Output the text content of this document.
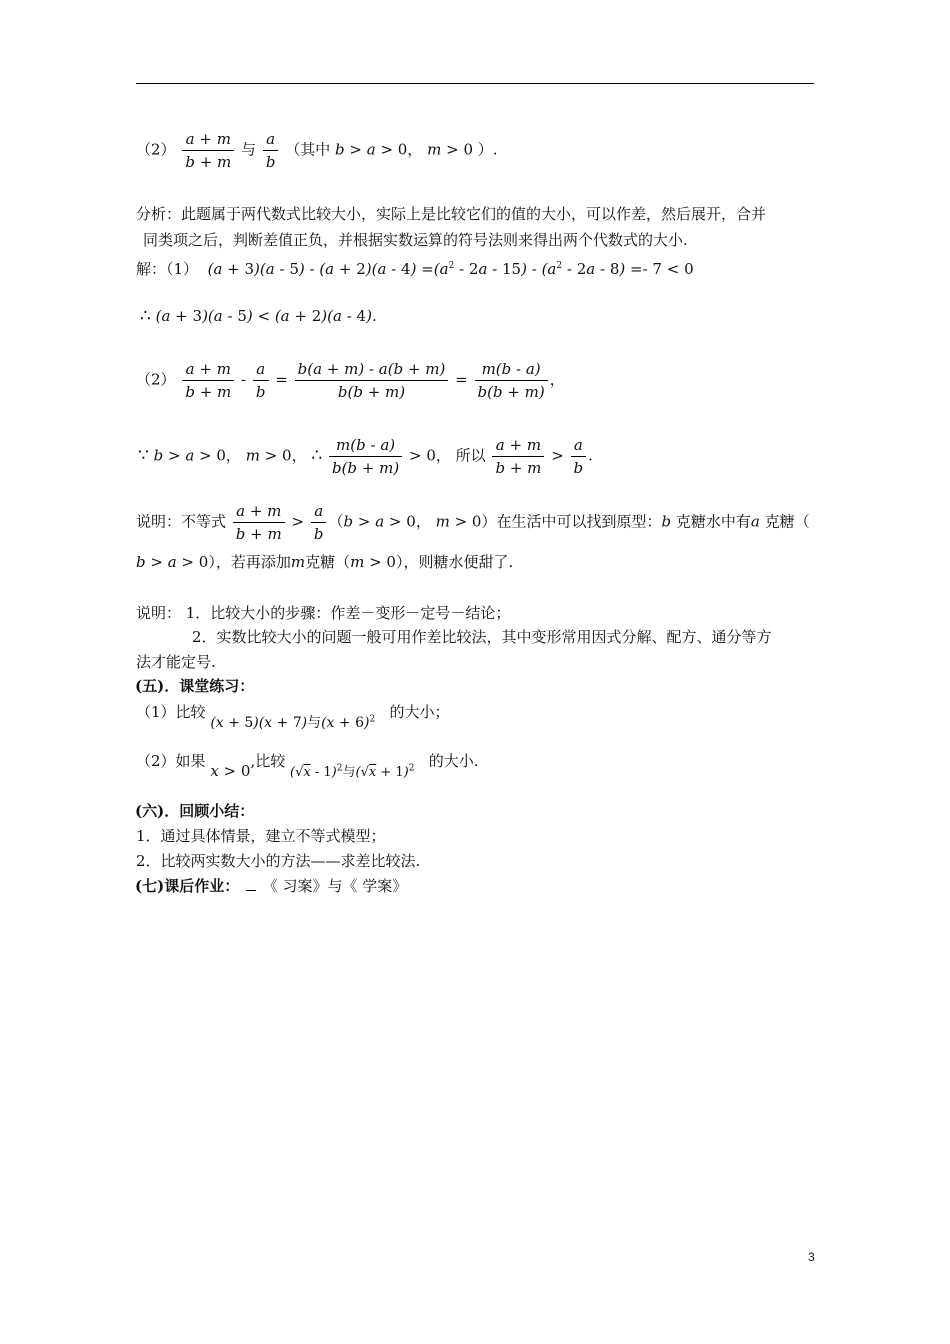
$(2) \frac{a + m}{b + m}$ 与 $\frac{a}{b}$ （其中 b > a > 0， m > 0 ）.
分析：此题属于两代数式比较大小，实际上是比较它们的值的大小，可以作差，然后展开，合并
同类项之后，判断差值正负，并根据实数运算的符号法则来得出两个代数式的大小.
解：（1）  $(a + 3)(a - 5) - (a + 2)(a - 4) =(a^2 - 2a - 15) - (a^2 - 2a - 8) =- 7 < 0$
∴ (a + 3)(a - 5) < (a + 2)(a - 4).
$(2) \frac{a + m}{b + m} - \frac{a}{b} = \frac{b(a + m) - a(b + m)}{b(b + m)} = \frac{m(b - a)}{b(b + m)}$ ，
∵ b > a > 0， m > 0， ∴ $\frac{m(b - a)}{b(b + m)} > 0$， 所以 $\frac{a + m}{b + m} > \frac{a}{b}$ .
说明：不等式 $\frac{a + m}{b + m} > \frac{a}{b} (b > a > 0$， m > 0）在生活中可以找到原型：b 克糖水中有a 克糖（
b > a > 0），若再添加m克糖（m > 0），则糖水便甜了.
说明： 1．比较大小的步骤：作差－变形－定号－结论；
2．实数比较大小的问题一般可用作差比较法，其中变形常用因式分解、配方、通分等方
法才能定号.
(五)．课堂练习：
（1）比较 (x + 5)(x + 7)与$(x + 6)^2$ 的大小；
（2）如果 x > 0,比较 (√x - 1)$^2$与$(√x + 1)^2$ 的大小.
(六)．回顾小结：
1．通过具体情景，建立不等式模型；
2．比较两实数大小的方法——求差比较法.
(七)课后作业： 《 习案》与《 学案》
3
